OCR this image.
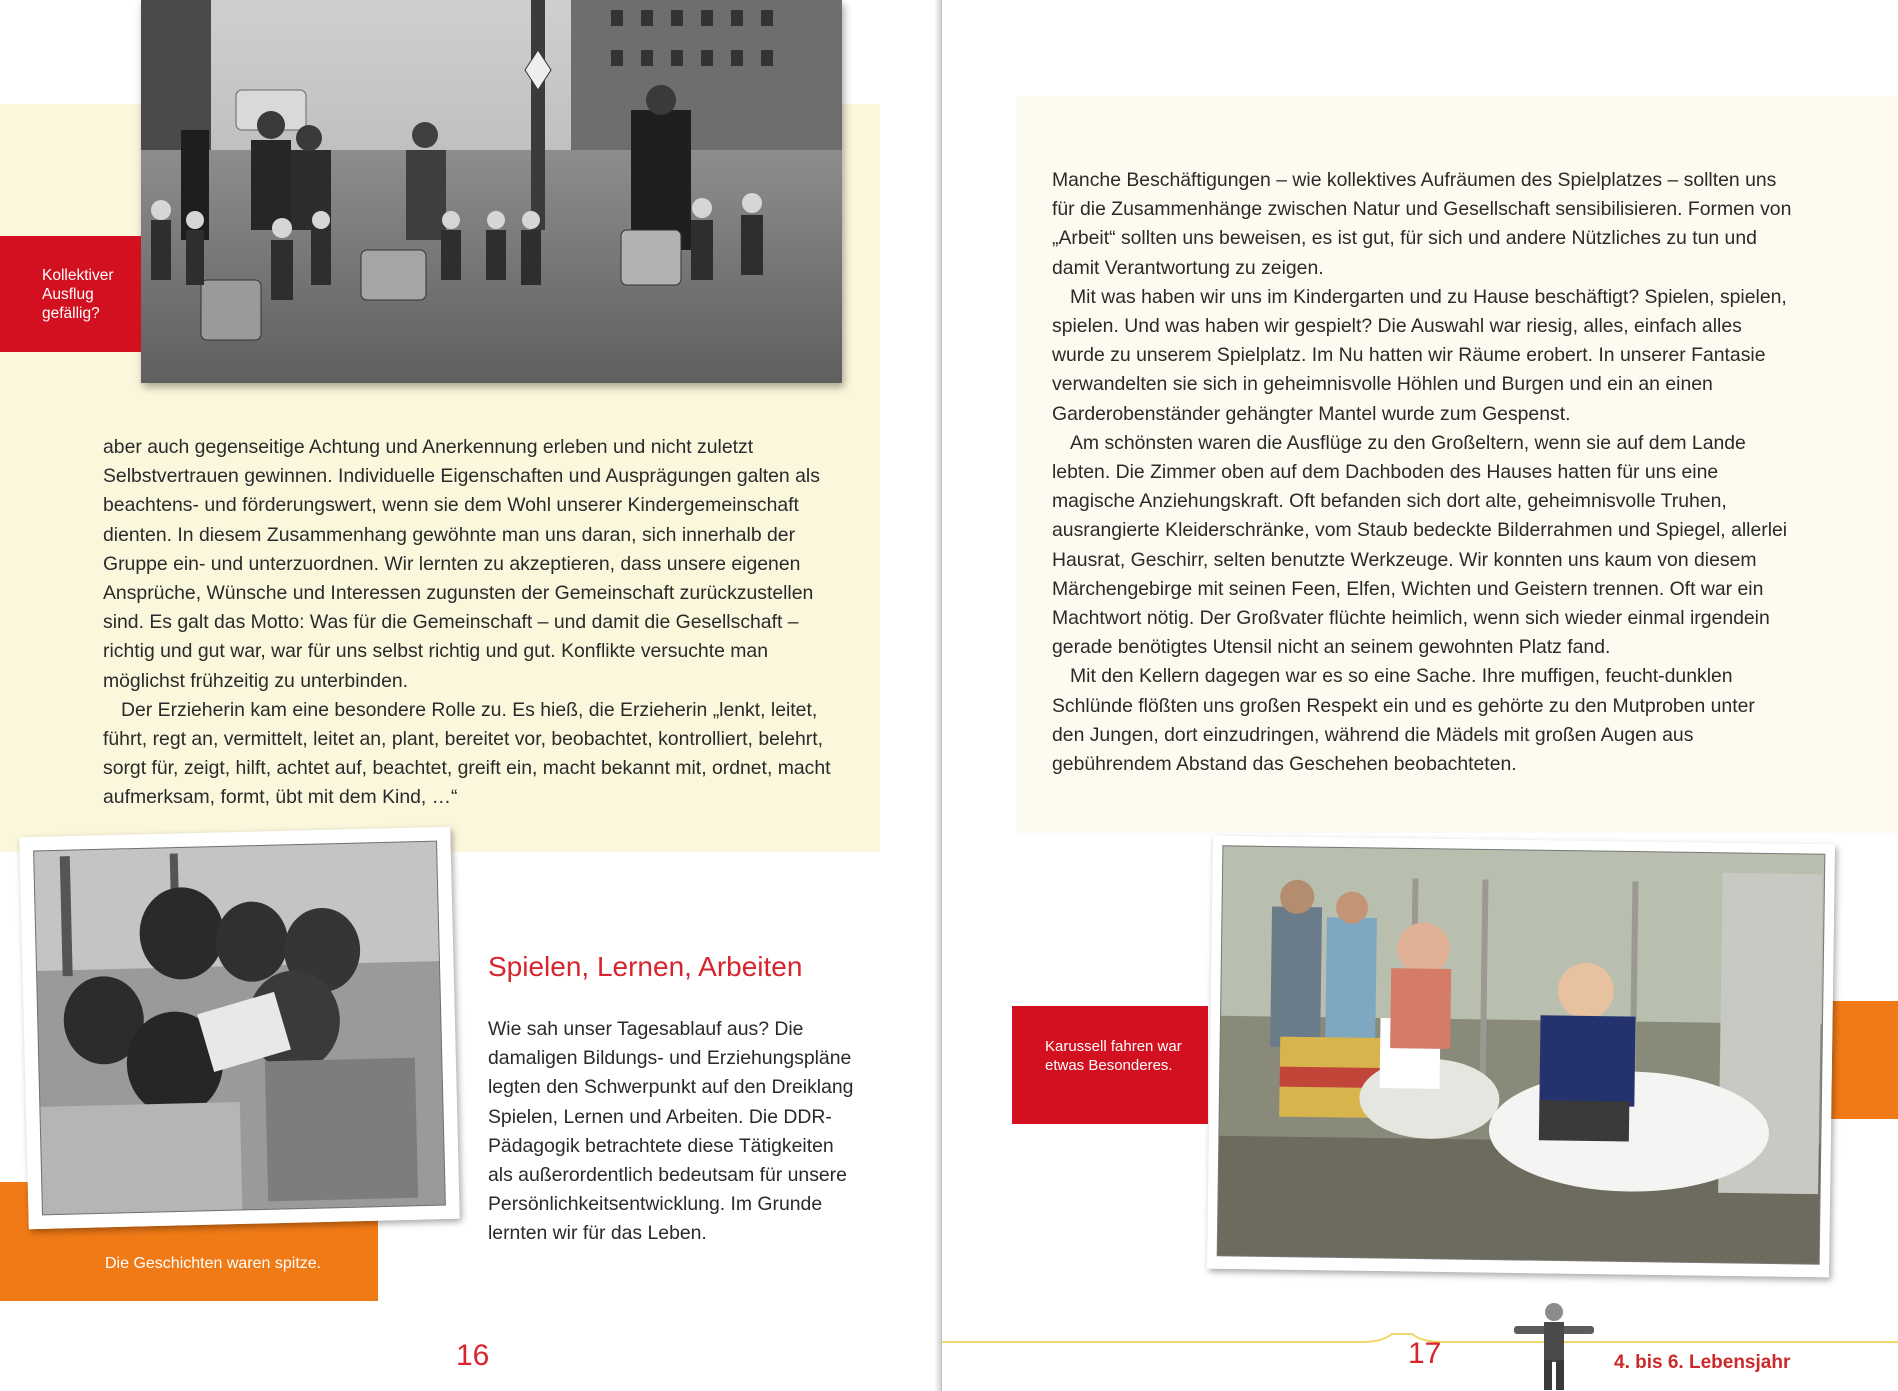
Kollektiver Ausflug gefällig?

aber auch gegenseitige Achtung und Anerkennung erleben und nicht zuletzt Selbstvertrauen gewinnen. Individuelle Eigenschaften und Ausprägungen galten als beachtens- und förderungswert, wenn sie dem Wohl unserer Kindergemeinschaft dienten. In diesem Zusammenhang gewöhnte man uns daran, sich innerhalb der Gruppe ein- und unterzuordnen. Wir lernten zu akzeptieren, dass unsere eigenen Ansprüche, Wünsche und Interessen zugunsten der Gemeinschaft zurückzustellen sind. Es galt das Motto: Was für die Gemeinschaft – und damit die Gesellschaft – richtig und gut war, war für uns selbst richtig und gut. Konflikte versuchte man möglichst frühzeitig zu unterbinden.

Der Erzieherin kam eine besondere Rolle zu. Es hieß, die Erzieherin „lenkt, leitet, führt, regt an, vermittelt, leitet an, plant, bereitet vor, beobachtet, kontrolliert, belehrt, sorgt für, zeigt, hilft, achtet auf, beachtet, greift ein, macht bekannt mit, ordnet, macht aufmerksam, formt, übt mit dem Kind, …“

Die Geschichten waren spitze.
Spielen, Lernen, Arbeiten

Wie sah unser Tagesablauf aus? Die damaligen Bildungs- und Erziehungspläne legten den Schwerpunkt auf den Dreiklang Spielen, Lernen und Arbeiten. Die DDR-Pädagogik betrachtete diese Tätigkeiten als außerordentlich bedeutsam für unsere Persönlichkeitsentwicklung. Im Grunde lernten wir für das Leben.

16

Manche Beschäftigungen – wie kollektives Aufräumen des Spielplatzes – sollten uns für die Zusammenhänge zwischen Natur und Gesellschaft sensibilisieren. Formen von „Arbeit“ sollten uns beweisen, es ist gut, für sich und andere Nützliches zu tun und damit Verantwortung zu zeigen.

Mit was haben wir uns im Kindergarten und zu Hause beschäftigt? Spielen, spielen, spielen. Und was haben wir gespielt? Die Auswahl war riesig, alles, einfach alles wurde zu unserem Spielplatz. Im Nu hatten wir Räume erobert. In unserer Fantasie verwandelten sie sich in geheimnisvolle Höhlen und Burgen und ein an einen Garderobenständer gehängter Mantel wurde zum Gespenst.

Am schönsten waren die Ausflüge zu den Großeltern, wenn sie auf dem Lande lebten. Die Zimmer oben auf dem Dachboden des Hauses hatten für uns eine magische Anziehungskraft. Oft befanden sich dort alte, geheimnisvolle Truhen, ausrangierte Kleiderschränke, vom Staub bedeckte Bilderrahmen und Spiegel, allerlei Hausrat, Geschirr, selten benutzte Werkzeuge. Wir konnten uns kaum von diesem Märchengebirge mit seinen Feen, Elfen, Wichten und Geistern trennen. Oft war ein Machtwort nötig. Der Großvater flüchte heimlich, wenn sich wieder einmal irgendein gerade benötigtes Utensil nicht an seinem gewohnten Platz fand.

Mit den Kellern dagegen war es so eine Sache. Ihre muffigen, feucht-dunklen Schlünde flößten uns großen Respekt ein und es gehörte zu den Mutproben unter den Jungen, dort einzudringen, während die Mädels mit großen Augen aus gebührendem Abstand das Geschehen beobachteten.

Karussell fahren war etwas Besonderes.
17	4. bis 6. Lebensjahr
